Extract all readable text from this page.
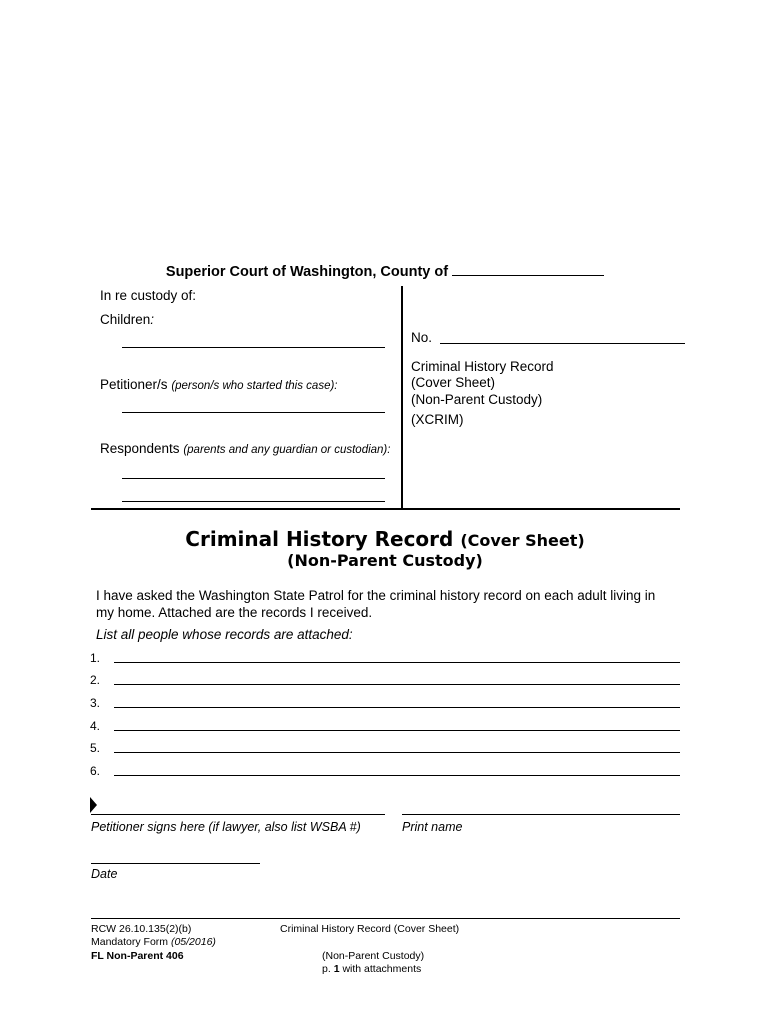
Superior Court of Washington, County of
In re custody of:
Children:
Petitioner/s (person/s who started this case):
Respondents (parents and any guardian or custodian):
No.
Criminal History Record
(Cover Sheet)
(Non-Parent Custody)
(XCRIM)
Criminal History Record (Cover Sheet)
(Non-Parent Custody)
I have asked the Washington State Patrol for the criminal history record on each adult living in
my home. Attached are the records I received.
List all people whose records are attached:
1.
2.
3.
4.
5.
6.
Petitioner signs here (if lawyer, also list WSBA #)	Print name
Date
RCW 26.10.135(2)(b)
Mandatory Form (05/2016)
FL Non-Parent 406
Criminal History Record (Cover Sheet)
(Non-Parent Custody)
p. 1 with attachments
